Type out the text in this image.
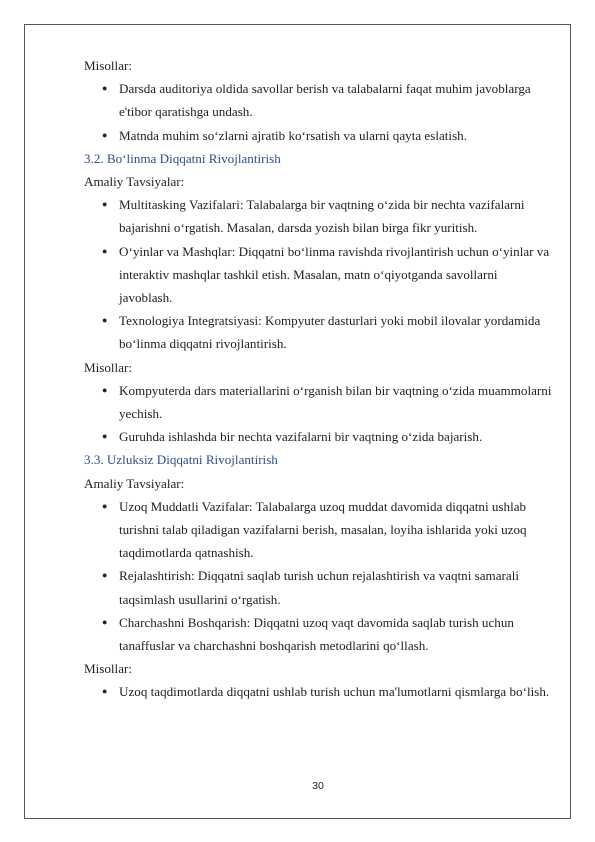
Misollar:

● Darsda auditoriya oldida savollar berish va talabalarni faqat muhim javoblarga e'tibor qaratishga undash.
● Matnda muhim so‘zlarni ajratib ko‘rsatish va ularni qayta eslatish.

3.2. Bo‘linma Diqqatni Rivojlantirish

Amaliy Tavsiyalar:

● Multitasking Vazifalari: Talabalarga bir vaqtning o‘zida bir nechta vazifalarni bajarishni o‘rgatish. Masalan, darsda yozish bilan birga fikr yuritish.
● O‘yinlar va Mashqlar: Diqqatni bo‘linma ravishda rivojlantirish uchun o‘yinlar va interaktiv mashqlar tashkil etish. Masalan, matn o‘qiyotganda savollarni javoblash.
● Texnologiya Integratsiyasi: Kompyuter dasturlari yoki mobil ilovalar yordamida bo‘linma diqqatni rivojlantirish.

Misollar:

● Kompyuterda dars materiallarini o‘rganish bilan bir vaqtning o‘zida muammolarni yechish.
● Guruhda ishlashda bir nechta vazifalarni bir vaqtning o‘zida bajarish.

3.3. Uzluksiz Diqqatni Rivojlantirish

Amaliy Tavsiyalar:

● Uzoq Muddatli Vazifalar: Talabalarga uzoq muddat davomida diqqatni ushlab turishni talab qiladigan vazifalarni berish, masalan, loyiha ishlarida yoki uzoq taqdimotlarda qatnashish.
● Rejalashtirish: Diqqatni saqlab turish uchun rejalashtirish va vaqtni samarali taqsimlash usullarini o‘rgatish.
● Charchashni Boshqarish: Diqqatni uzoq vaqt davomida saqlab turish uchun tanaffuslar va charchashni boshqarish metodlarini qo‘llash.

Misollar:

● Uzoq taqdimotlarda diqqatni ushlab turish uchun ma'lumotlarni qismlarga bo‘lish.
30
